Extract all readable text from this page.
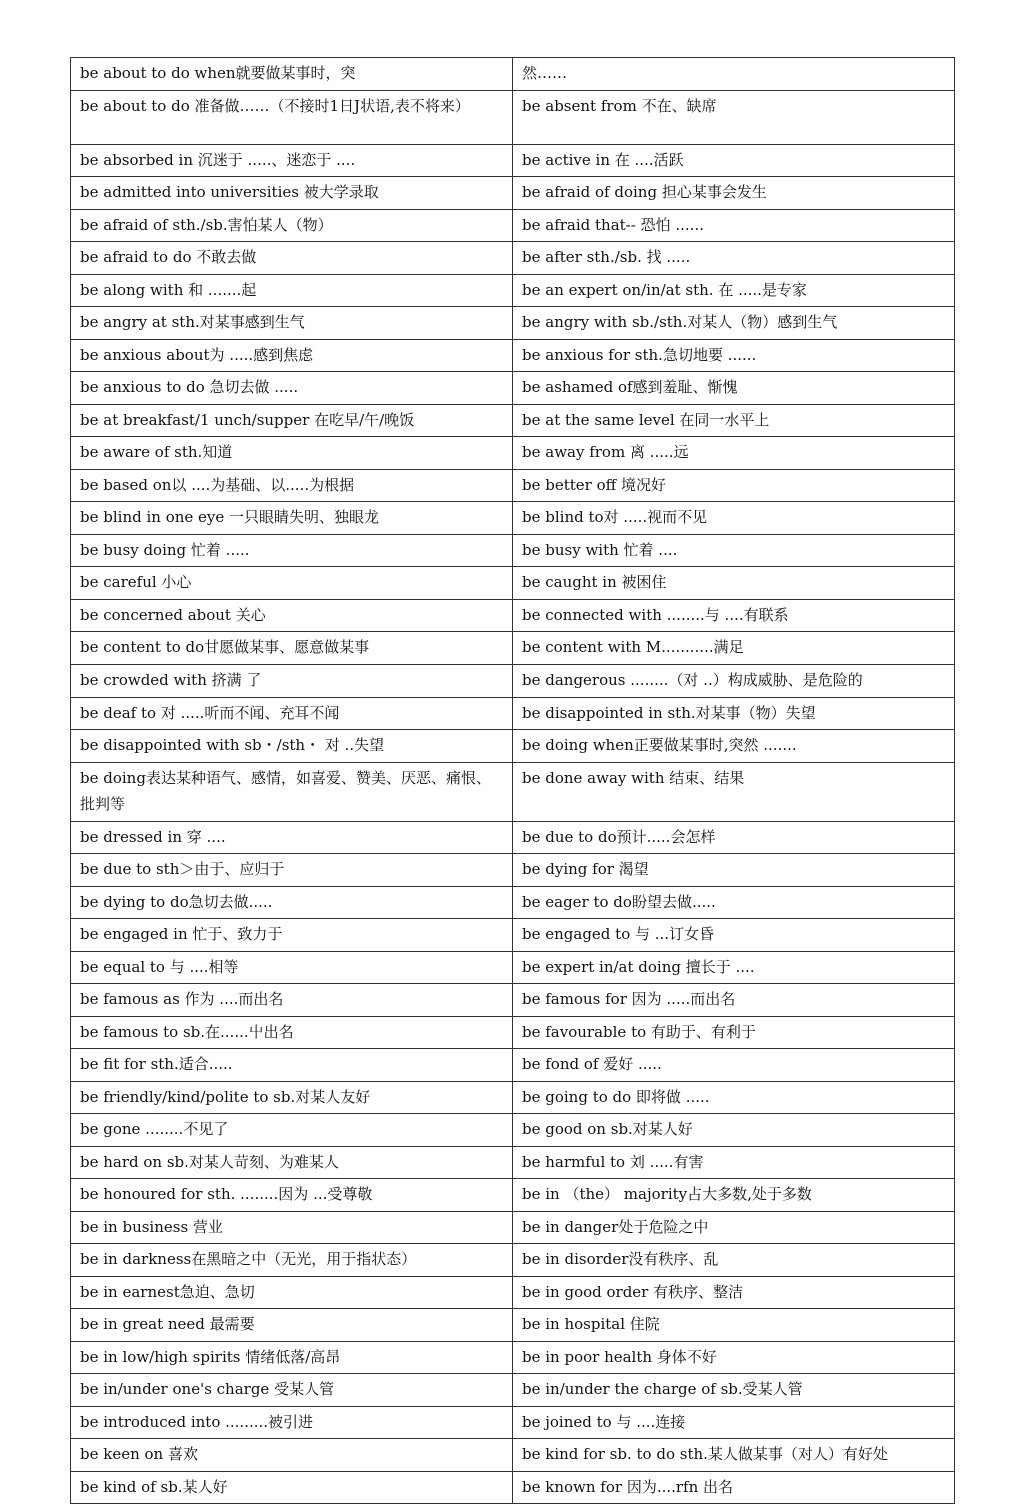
be about to do when就要做某事时，突	然……
be about to do 准备做……（不接时1日J状语,表不将来）	be absent from 不在、缺席
be absorbed in 沉迷于 .....、迷恋于 ....	be active in 在 ....活跃
be admitted into universities 被大学录取	be afraid of doing 担心某事会发生
be afraid of sth./sb.害怕某人（物）	be afraid that-- 恐怕 ......
be afraid to do 不敢去做	be after sth./sb. 找 .....
be along with 和 .......起	be an expert on/in/at sth. 在 .....是专家
be angry at sth.对某事感到生气	be angry with sb./sth.对某人（物）感到生气
be anxious about为 .....感到焦虑	be anxious for sth.急切地要 ......
be anxious to do 急切去做 .....	be ashamed of感到羞耻、惭愧
be at breakfast/1 unch/supper 在吃早/午/晚饭	be at the same level 在同一水平上
be aware of sth.知道	be away from 离 .....远
be based on以 ....为基础、以.....为根据	be better off 境况好
be blind in one eye 一只眼睛失明、独眼龙	be blind to对 .....视而不见
be busy doing 忙着 .....	be busy with 忙着 ....
be careful 小心	be caught in 被困住
be concerned about 关心	be connected with ........与 ....有联系
be content to do甘愿做某事、愿意做某事	be content with M...........满足
be crowded with 挤满 了	be dangerous ........（对 ..）构成威胁、是危险的
be deaf to 对 .....听而不闻、充耳不闻	be disappointed in sth.对某事（物）失望
be disappointed with sb・/sth・ 对 ..失望	be doing when正要做某事时,突然 .......
be doing表达某种语气、感情，如喜爱、赞美、厌恶、痛恨、批判等	be done away with 结束、结果
be dressed in 穿 ....	be due to do预计.....会怎样
be due to sth＞由于、应归于	be dying for 渴望
be dying to do急切去做.....	be eager to do盼望去做.....
be engaged in 忙于、致力于	be engaged to 与 ...订女昏
be equal to 与 ....相等	be expert in/at doing 擅长于 ....
be famous as 作为 ....而出名	be famous for 因为 .....而出名
be famous to sb.在......屮出名	be favourable to 有助于、有利于
be fit for sth.适合.....	be fond of 爱好 .....
be friendly/kind/polite to sb.对某人友好	be going to do 即将做 .....
be gone ........不见了	be good on sb.对某人好
be hard on sb.对某人苛刻、为难某人	be harmful to 刘 .....有害
be honoured for sth. ........因为 ...受尊敬	be in （the） majority占大多数,处于多数
be in business 营业	be in danger处于危险之中
be in darkness在黑暗之中（无光，用于指状态）	be in disorder没有秩序、乱
be in earnest急迫、急切	be in good order 有秩序、整洁
be in great need 最需要	be in hospital 住院
be in low/high spirits 情绪低落/高昂	be in poor health 身体不好
be in/under one's charge 受某人管	be in/under the charge of sb.受某人管
be introduced into .........被引进	be joined to 与 ....连接
be keen on 喜欢	be kind for sb. to do sth.某人做某事（对人）有好处
be kind of sb.某人好	be known for 因为....rfn 出名
